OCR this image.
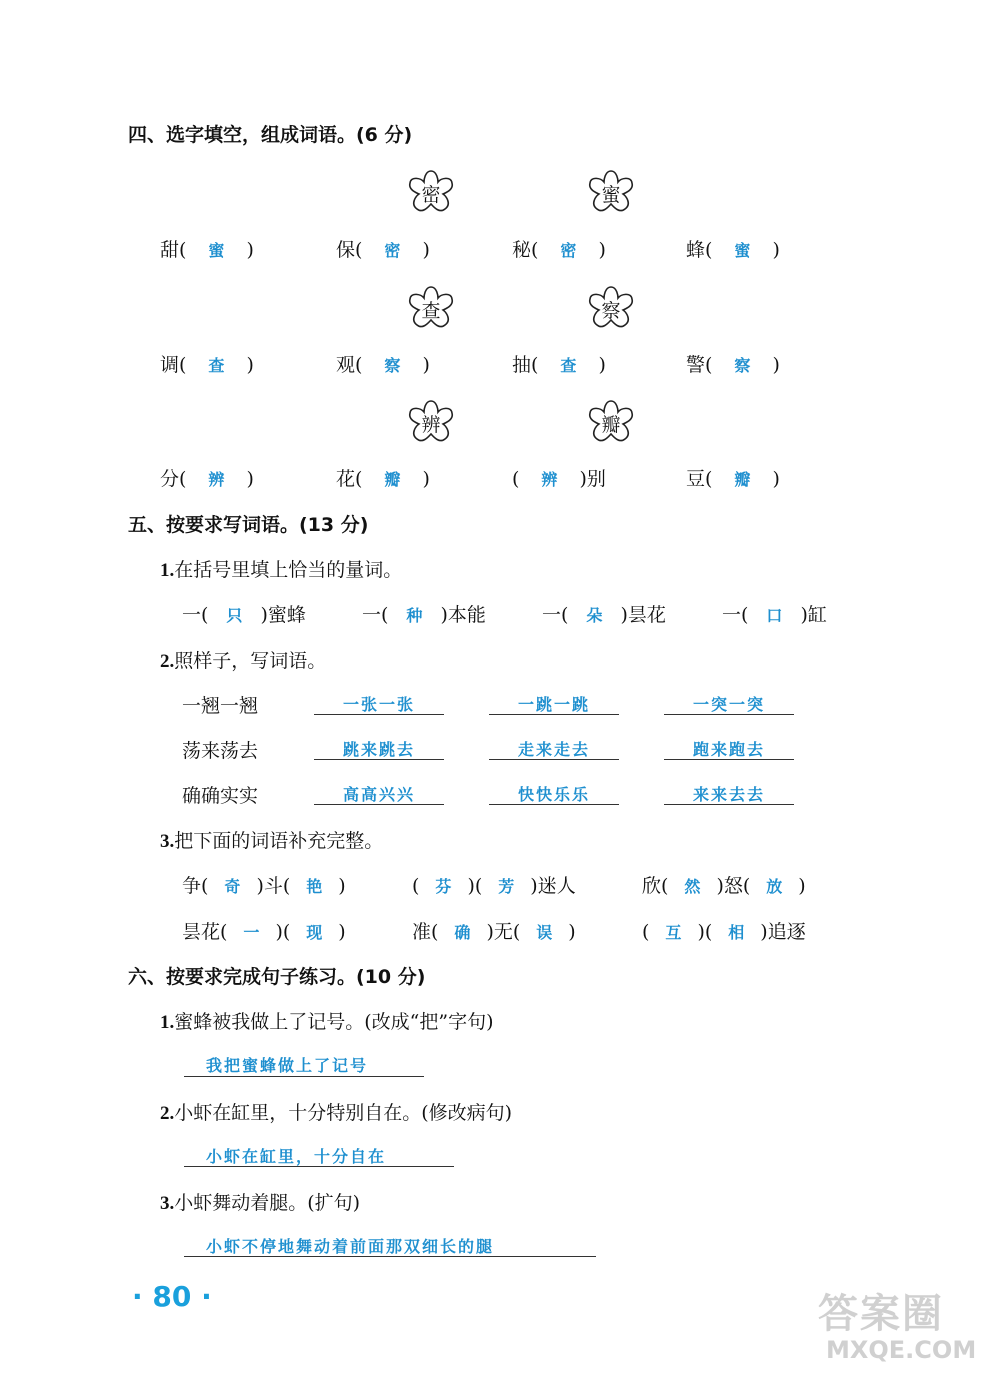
四、选字填空，组成词语。(6 分)
密	蜜
甜( 蜜 )	保( 密 )	秘( 密 )	蜂( 蜜 )
查	察
调( 查 )	观( 察 )	抽( 查 )	警( 察 )
辨	瓣
分( 辨 )	花( 瓣 )	( 辨 )别	豆( 瓣 )
五、按要求写词语。(13 分)
1.在括号里填上恰当的量词。
一( 只 )蜜蜂	一( 种 )本能	一( 朵 )昙花	一( 口 )缸
2.照样子，写词语。
一翘一翘	一张一张	一跳一跳	一突一突
荡来荡去	跳来跳去	走来走去	跑来跑去
确确实实	高高兴兴	快快乐乐	来来去去
3.把下面的词语补充完整。
争( 奇 )斗( 艳 )	( 芬 )( 芳 )迷人	欣( 然 )怒( 放 )
昙花( 一 )( 现 )	准( 确 )无( 误 )	( 互 )( 相 )追逐
六、按要求完成句子练习。(10 分)
1.蜜蜂被我做上了记号。(改成“把”字句)
我把蜜蜂做上了记号
2.小虾在缸里，十分特别自在。(修改病句)
小虾在缸里，十分自在
3.小虾舞动着腿。(扩句)
小虾不停地舞动着前面那双细长的腿
· 80 ·	答案圈
MXQE.COM
